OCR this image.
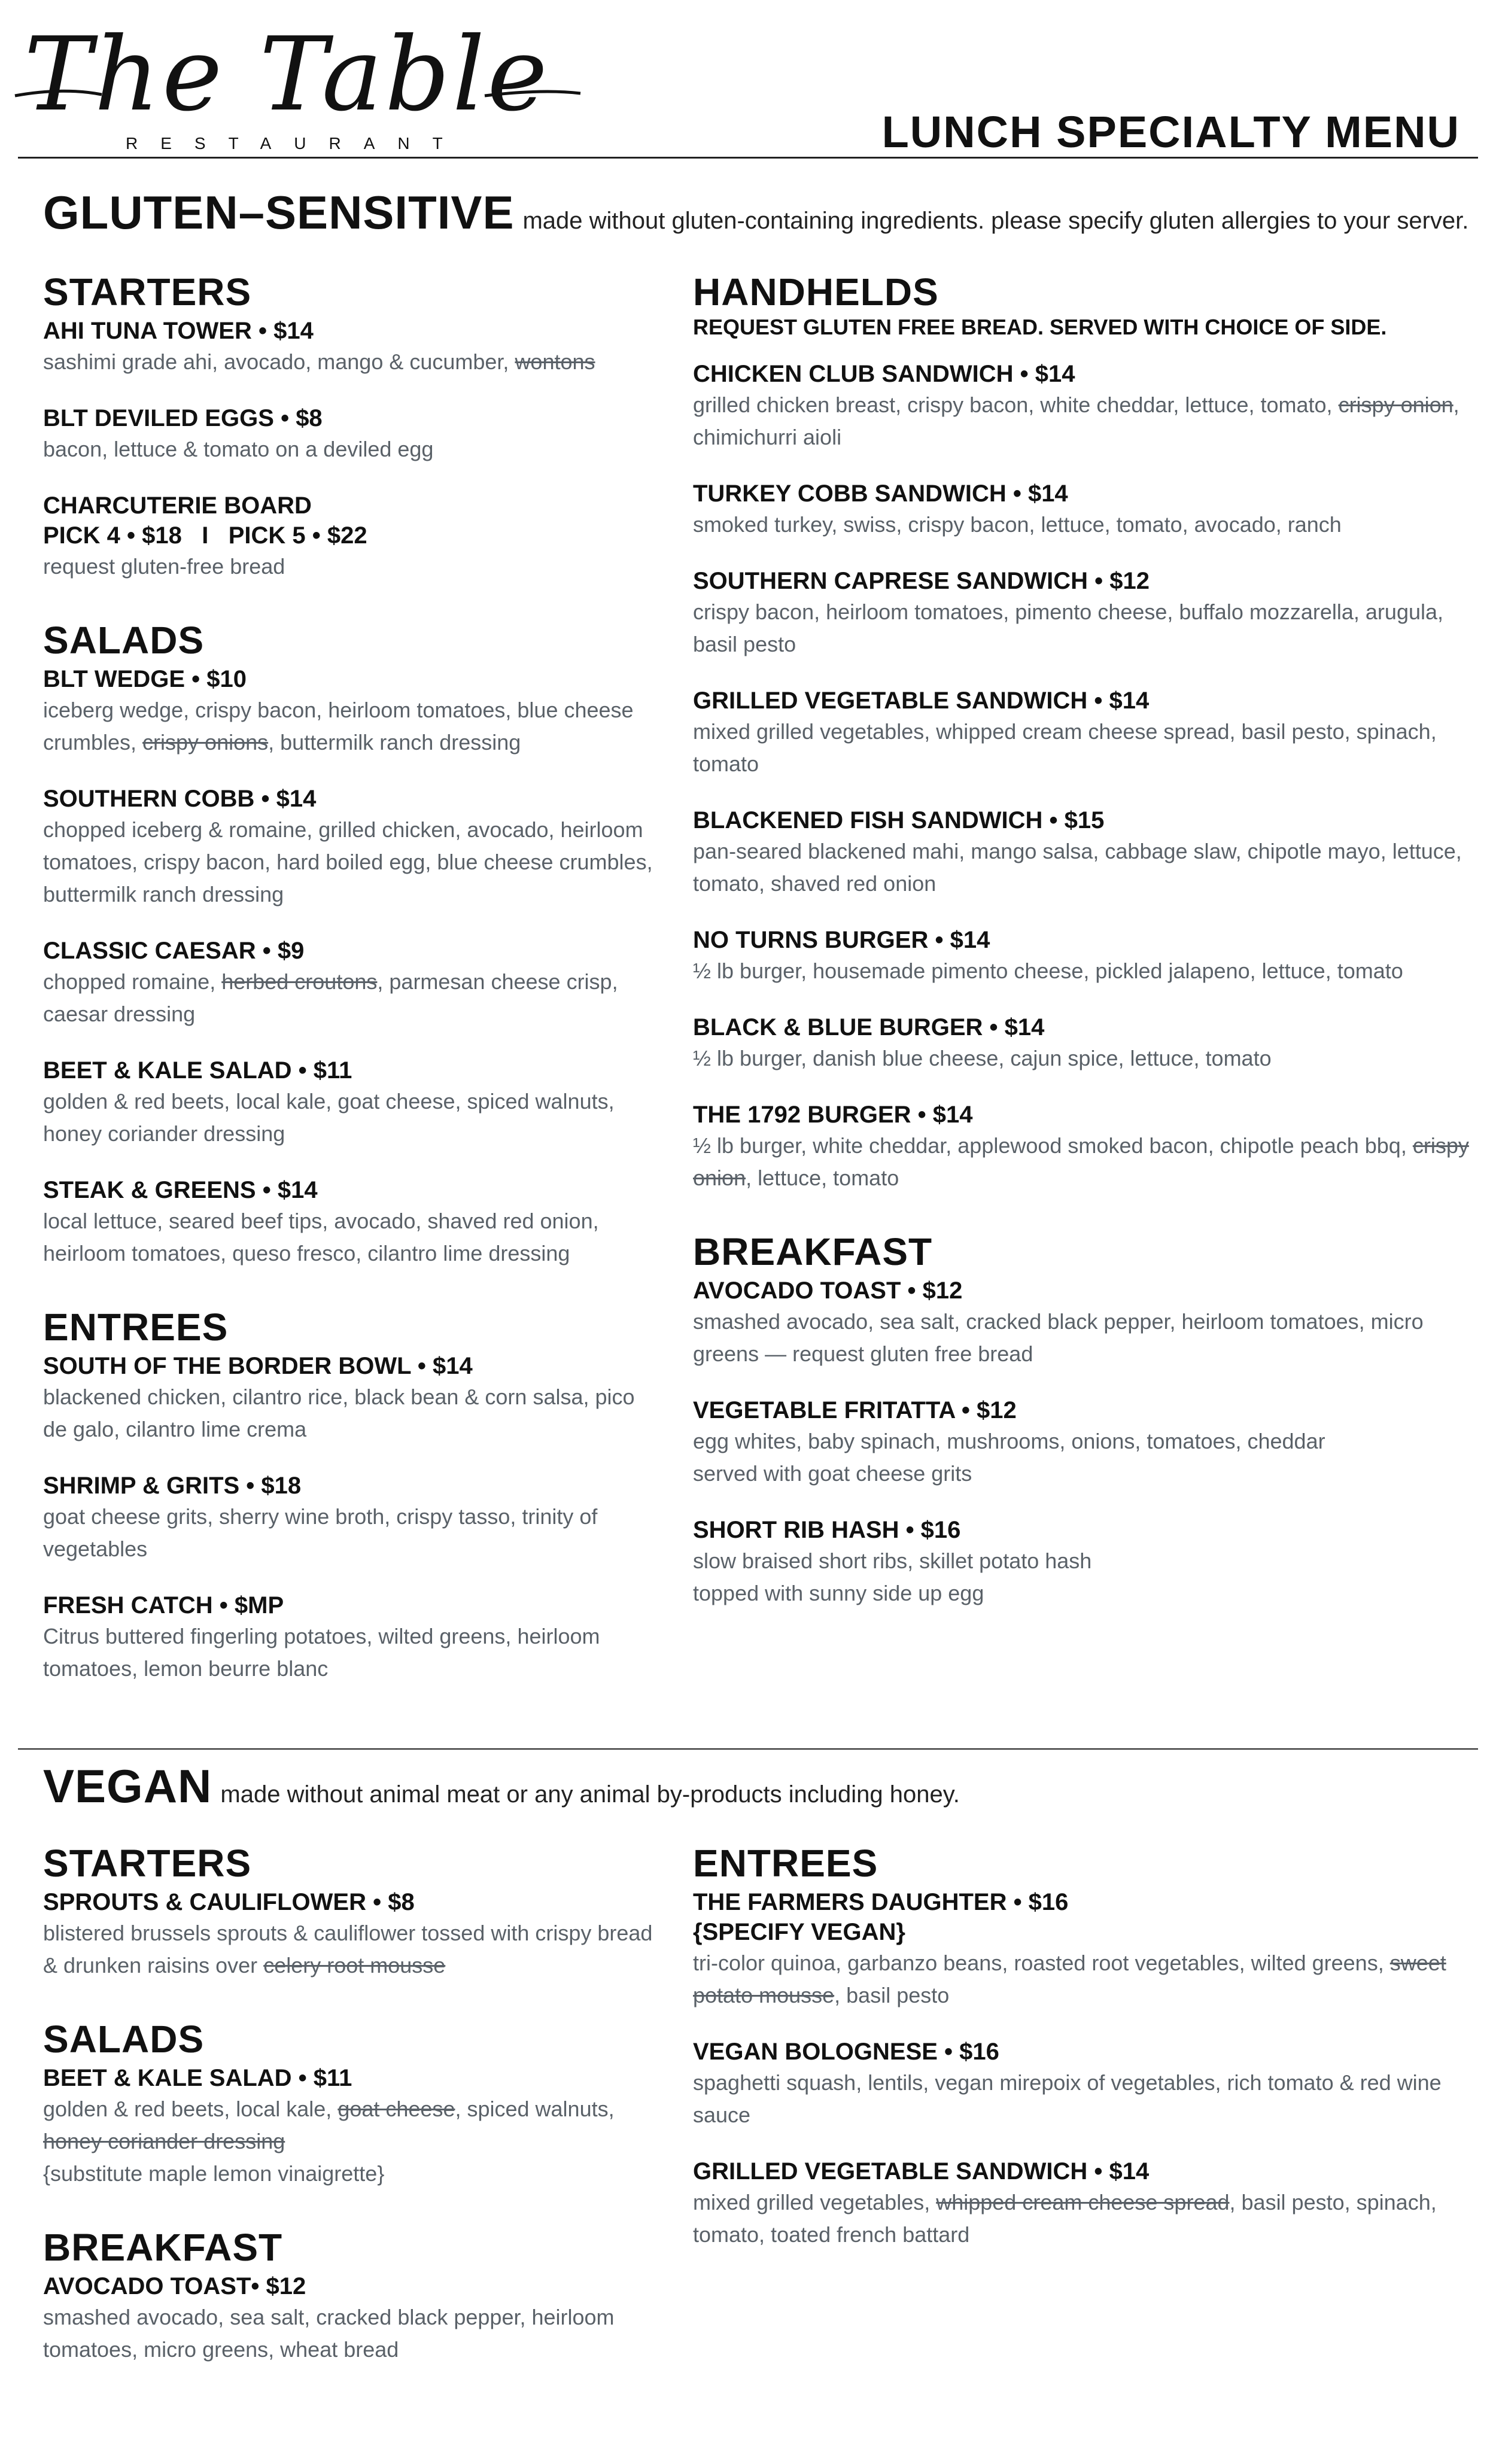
The Table
RESTAURANT	LUNCH SPECIALTY MENU
GLUTEN–SENSITIVE made without gluten-containing ingredients. please specify gluten allergies to your server.
STARTERS
AHI TUNA TOWER • $14
sashimi grade ahi, avocado, mango & cucumber, wontons
BLT DEVILED EGGS • $8
bacon, lettuce & tomato on a deviled egg
CHARCUTERIE BOARD
PICK 4 • $18   I   PICK 5 • $22
request gluten-free bread
SALADS
BLT WEDGE • $10
iceberg wedge, crispy bacon, heirloom tomatoes, blue cheese crumbles, crispy onions, buttermilk ranch dressing
SOUTHERN COBB • $14
chopped iceberg & romaine, grilled chicken, avocado, heirloom tomatoes, crispy bacon, hard boiled egg, blue cheese crumbles, buttermilk ranch dressing
CLASSIC CAESAR • $9
chopped romaine, herbed croutons, parmesan cheese crisp, caesar dressing
BEET & KALE SALAD • $11
golden & red beets, local kale, goat cheese, spiced walnuts, honey coriander dressing
STEAK & GREENS • $14
local lettuce, seared beef tips, avocado, shaved red onion, heirloom tomatoes, queso fresco, cilantro lime dressing
ENTREES
SOUTH OF THE BORDER BOWL • $14
blackened chicken, cilantro rice, black bean & corn salsa, pico de galo, cilantro lime crema
SHRIMP & GRITS • $18
goat cheese grits, sherry wine broth, crispy tasso, trinity of vegetables
FRESH CATCH • $MP
Citrus buttered fingerling potatoes, wilted greens, heirloom tomatoes, lemon beurre blanc
HANDHELDS
REQUEST GLUTEN FREE BREAD. SERVED WITH CHOICE OF SIDE.
CHICKEN CLUB SANDWICH • $14
grilled chicken breast, crispy bacon, white cheddar, lettuce, tomato, crispy onion, chimichurri aioli
TURKEY COBB SANDWICH • $14
smoked turkey, swiss, crispy bacon, lettuce, tomato, avocado, ranch
SOUTHERN CAPRESE SANDWICH • $12
crispy bacon, heirloom tomatoes, pimento cheese, buffalo mozzarella, arugula, basil pesto
GRILLED VEGETABLE SANDWICH • $14
mixed grilled vegetables, whipped cream cheese spread, basil pesto, spinach, tomato
BLACKENED FISH SANDWICH • $15
pan-seared blackened mahi, mango salsa, cabbage slaw, chipotle mayo, lettuce, tomato, shaved red onion
NO TURNS BURGER • $14
½ lb burger, housemade pimento cheese, pickled jalapeno, lettuce, tomato
BLACK & BLUE BURGER • $14
½ lb burger, danish blue cheese, cajun spice, lettuce, tomato
THE 1792 BURGER • $14
½ lb burger, white cheddar, applewood smoked bacon, chipotle peach bbq, crispy onion, lettuce, tomato
BREAKFAST
AVOCADO TOAST • $12
smashed avocado, sea salt, cracked black pepper, heirloom tomatoes, micro greens — request gluten free bread
VEGETABLE FRITATTA • $12
egg whites, baby spinach, mushrooms, onions, tomatoes, cheddar
served with goat cheese grits
SHORT RIB HASH • $16
slow braised short ribs, skillet potato hash
topped with sunny side up egg
VEGAN made without animal meat or any animal by-products including honey.
STARTERS
SPROUTS & CAULIFLOWER • $8
blistered brussels sprouts & cauliflower tossed with crispy bread & drunken raisins over celery root mousse
SALADS
BEET & KALE SALAD • $11
golden & red beets, local kale, goat cheese, spiced walnuts, honey coriander dressing
{substitute maple lemon vinaigrette}
BREAKFAST
AVOCADO TOAST• $12
smashed avocado, sea salt, cracked black pepper, heirloom tomatoes, micro greens, wheat bread
ENTREES
THE FARMERS DAUGHTER • $16
{SPECIFY VEGAN}
tri-color quinoa, garbanzo beans, roasted root vegetables, wilted greens, sweet potato mousse, basil pesto
VEGAN BOLOGNESE • $16
spaghetti squash, lentils, vegan mirepoix of vegetables, rich tomato & red wine sauce
GRILLED VEGETABLE SANDWICH • $14
mixed grilled vegetables, whipped cream cheese spread, basil pesto, spinach, tomato, toated french battard
